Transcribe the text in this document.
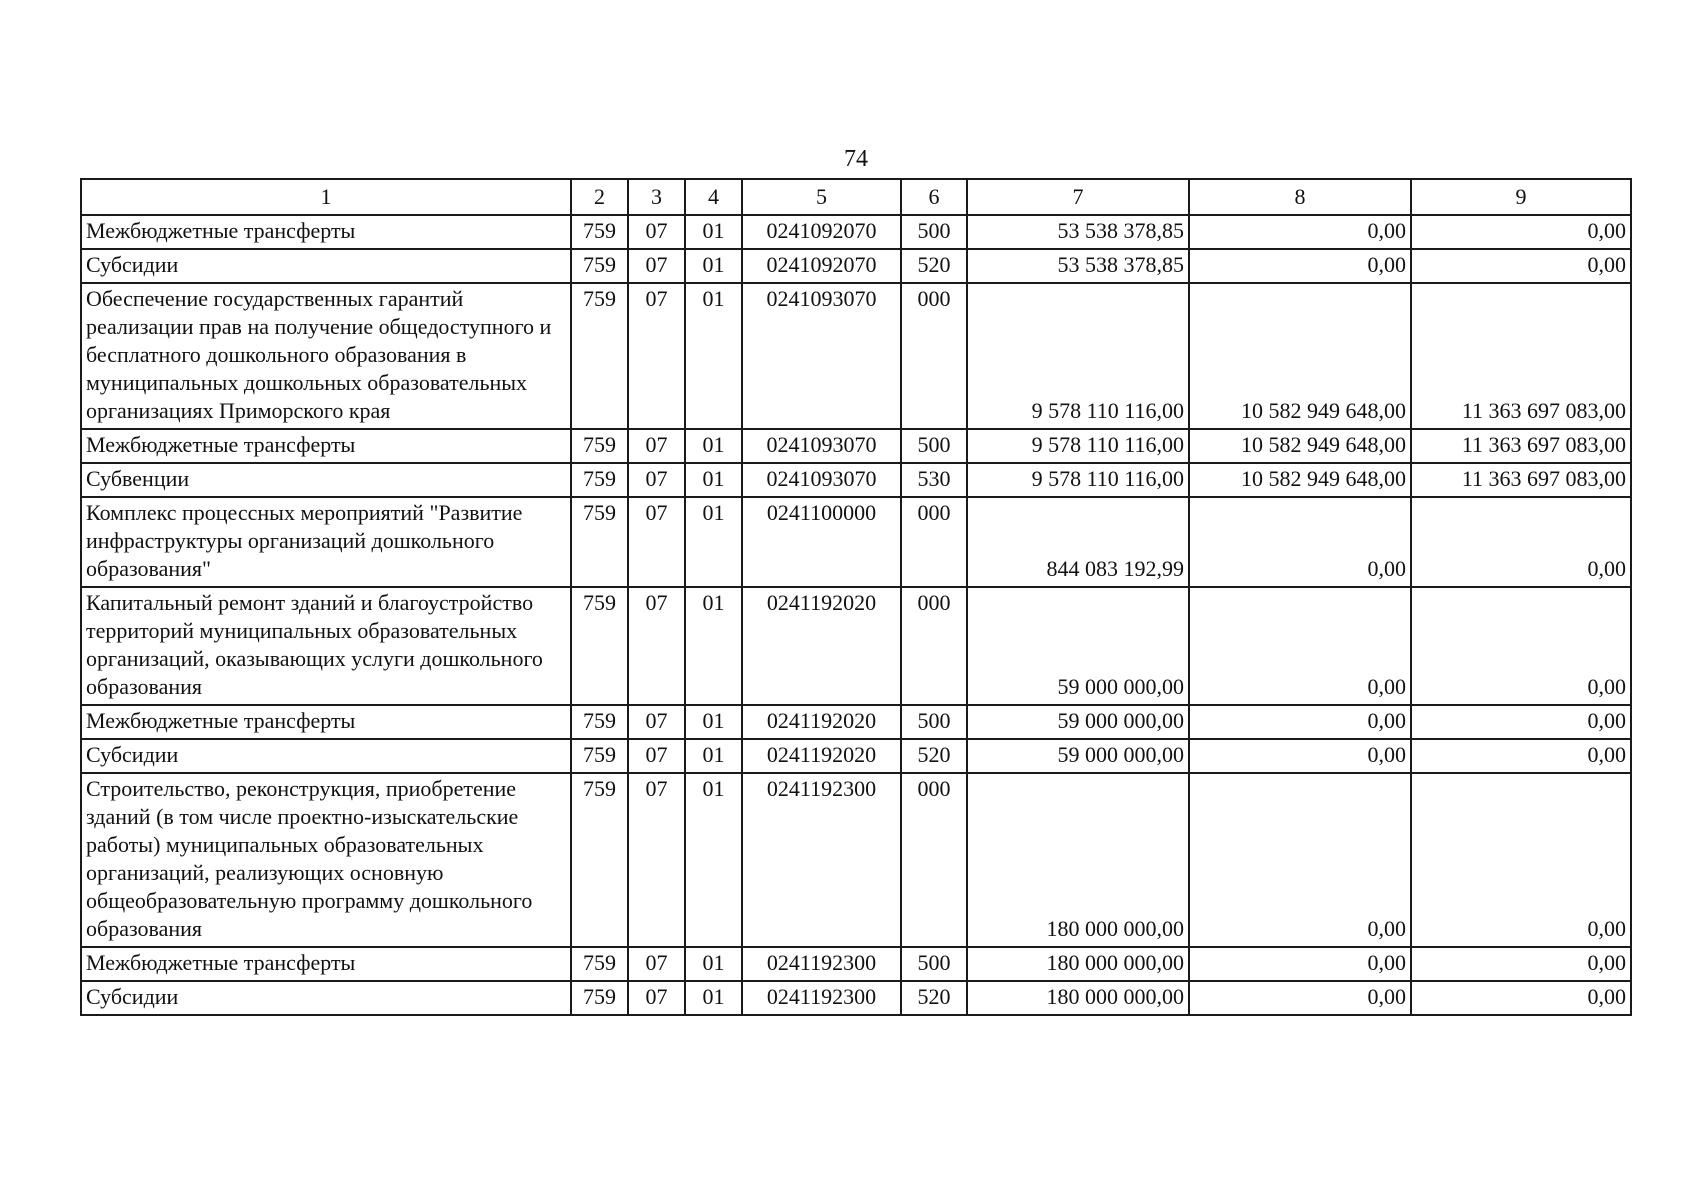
74
1	2	3	4	5	6	7	8	9
Межбюджетные трансферты	759	07	01	0241092070	500	53 538 378,85	0,00	0,00
Субсидии	759	07	01	0241092070	520	53 538 378,85	0,00	0,00
Обеспечение государственных гарантий реализации прав на получение общедоступного и бесплатного дошкольного образования в муниципальных дошкольных образовательных организациях Приморского края	759	07	01	0241093070	000	9 578 110 116,00	10 582 949 648,00	11 363 697 083,00
Межбюджетные трансферты	759	07	01	0241093070	500	9 578 110 116,00	10 582 949 648,00	11 363 697 083,00
Субвенции	759	07	01	0241093070	530	9 578 110 116,00	10 582 949 648,00	11 363 697 083,00
Комплекс процессных мероприятий "Развитие инфраструктуры организаций дошкольного образования"	759	07	01	0241100000	000	844 083 192,99	0,00	0,00
Капитальный ремонт зданий и благоустройство территорий муниципальных образовательных организаций, оказывающих услуги дошкольного образования	759	07	01	0241192020	000	59 000 000,00	0,00	0,00
Межбюджетные трансферты	759	07	01	0241192020	500	59 000 000,00	0,00	0,00
Субсидии	759	07	01	0241192020	520	59 000 000,00	0,00	0,00
Строительство, реконструкция, приобретение зданий (в том числе проектно-изыскательские работы) муниципальных образовательных организаций, реализующих основную общеобразовательную программу дошкольного образования	759	07	01	0241192300	000	180 000 000,00	0,00	0,00
Межбюджетные трансферты	759	07	01	0241192300	500	180 000 000,00	0,00	0,00
Субсидии	759	07	01	0241192300	520	180 000 000,00	0,00	0,00
